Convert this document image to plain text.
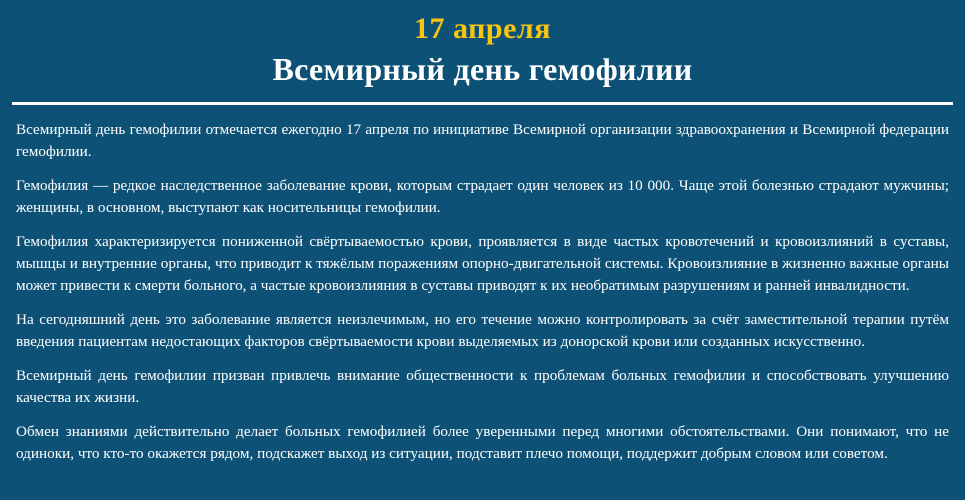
17 апреля
Всемирный день гемофилии

Всемирный день гемофилии отмечается ежегодно 17 апреля по инициативе Всемирной организации здравоохранения и Всемирной федерации гемофилии.

Гемофилия — редкое наследственное заболевание крови, которым страдает один человек из 10 000. Чаще этой болезнью страдают мужчины; женщины, в основном, выступают как носительницы гемофилии.

Гемофилия характеризируется пониженной свёртываемостью крови, проявляется в виде частых кровотечений и кровоизлияний в суставы, мышцы и внутренние органы, что приводит к тяжёлым поражениям опорно-двигательной системы. Кровоизлияние в жизненно важные органы может привести к смерти больного, а частые кровоизлияния в суставы приводят к их необратимым разрушениям и ранней инвалидности.

На сегодняшний день это заболевание является неизлечимым, но его течение можно контролировать за счёт заместительной терапии путём введения пациентам недостающих факторов свёртываемости крови выделяемых из донорской крови или созданных искусственно.

Всемирный день гемофилии призван привлечь внимание общественности к проблемам больных гемофилии и способствовать улучшению качества их жизни.

Обмен знаниями действительно делает больных гемофилией более уверенными перед многими обстоятельствами. Они понимают, что не одиноки, что кто-то окажется рядом, подскажет выход из ситуации, подставит плечо помощи, поддержит добрым словом или советом.
